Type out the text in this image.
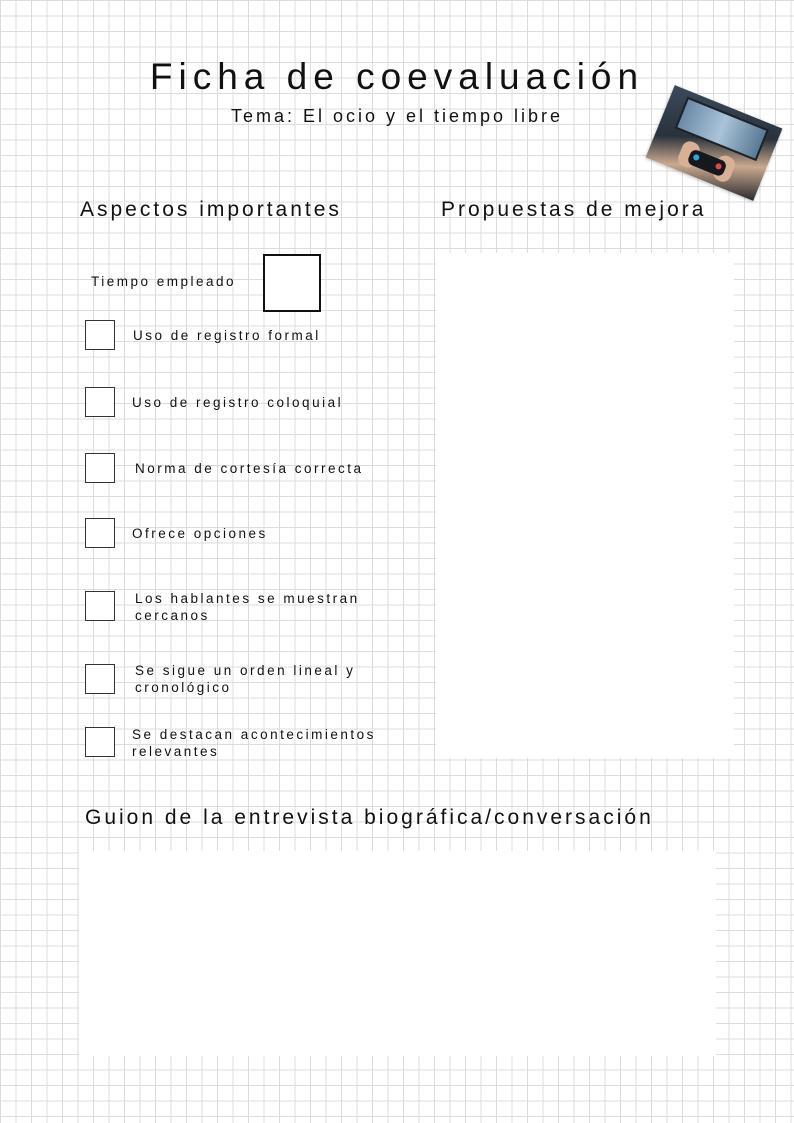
Ficha de coevaluación
Tema: El ocio y el tiempo libre
Aspectos importantes	Propuestas de mejora
Tiempo empleado
Uso de registro formal
Uso de registro coloquial
Norma de cortesía correcta
Ofrece opciones
Los hablantes se muestran
cercanos
Se sigue un orden lineal y
cronológico
Se destacan acontecimientos
relevantes
Guion de la entrevista biográfica/conversación
